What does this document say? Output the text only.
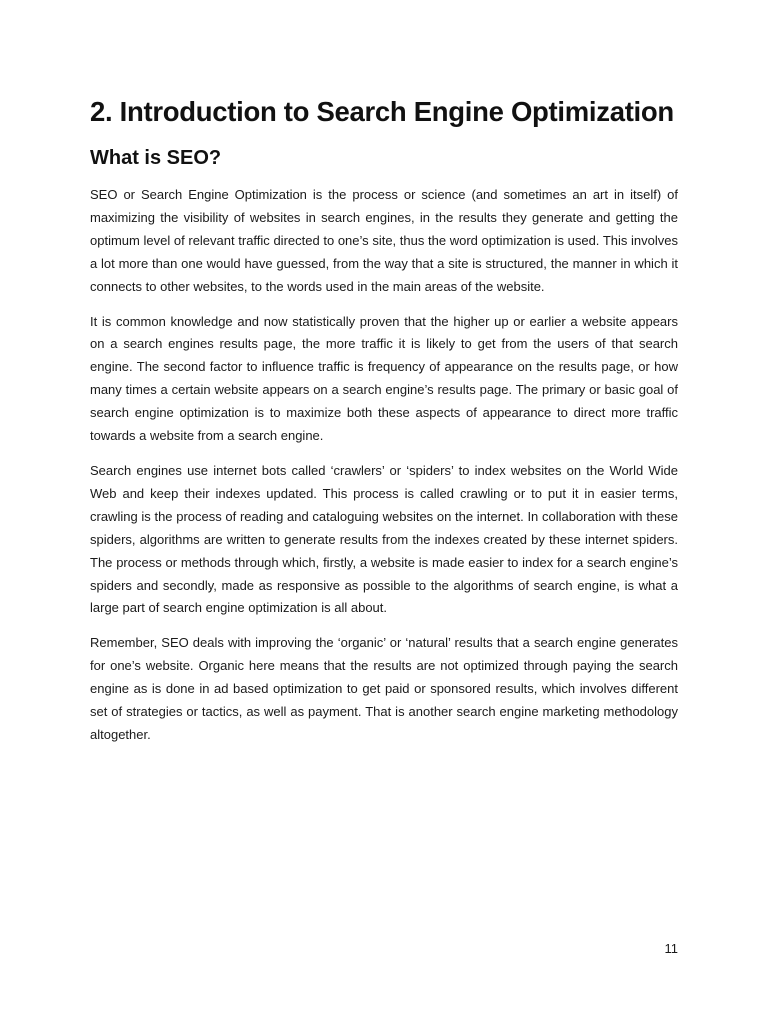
2. Introduction to Search Engine Optimization
What is SEO?

SEO or Search Engine Optimization is the process or science (and sometimes an art in itself) of maximizing the visibility of websites in search engines, in the results they generate and getting the optimum level of relevant traffic directed to one’s site, thus the word optimization is used. This involves a lot more than one would have guessed, from the way that a site is structured, the manner in which it connects to other websites, to the words used in the main areas of the website.

It is common knowledge and now statistically proven that the higher up or earlier a website appears on a search engines results page, the more traffic it is likely to get from the users of that search engine. The second factor to influence traffic is frequency of appearance on the results page, or how many times a certain website appears on a search engine’s results page. The primary or basic goal of search engine optimization is to maximize both these aspects of appearance to direct more traffic towards a website from a search engine.

Search engines use internet bots called ‘crawlers’ or ‘spiders’ to index websites on the World Wide Web and keep their indexes updated. This process is called crawling or to put it in easier terms, crawling is the process of reading and cataloguing websites on the internet. In collaboration with these spiders, algorithms are written to generate results from the indexes created by these internet spiders. The process or methods through which, firstly, a website is made easier to index for a search engine’s spiders and secondly, made as responsive as possible to the algorithms of search engine, is what a large part of search engine optimization is all about.

Remember, SEO deals with improving the ‘organic’ or ‘natural’ results that a search engine generates for one’s website. Organic here means that the results are not optimized through paying the search engine as is done in ad based optimization to get paid or sponsored results, which involves different set of strategies or tactics, as well as payment. That is another search engine marketing methodology altogether.

11
